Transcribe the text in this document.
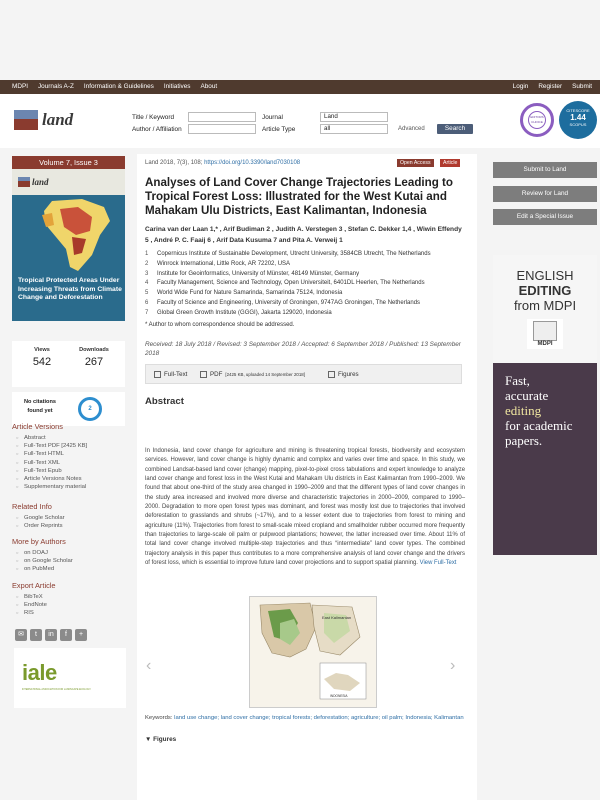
MDPI Journals A-Z Information & Guidelines Initiatives About	Login Register Submit
land	Title / Keyword
Author / Affiliation
Journal	Land
Article Type	all	Advanced	Search
EDITORS CHOICE
CITESCORE
1.44
SCOPUS
Volume 7, Issue 3
land
Tropical Protected Areas Under Increasing Threats from Climate Change and Deforestation
Views
542
Downloads
267
No citations found yet	2
Article Versions
○ Abstract
○ Full-Text PDF [2425 KB]
○ Full-Text HTML
○ Full-Text XML
○ Full-Text Epub
○ Article Versions Notes
○ Supplementary material
Related Info
○ Google Scholar
○ Order Reprints
More by Authors
○ on DOAJ
○ on Google Scholar
○ on PubMed
Export Article
○ BibTeX
○ EndNote
○ RIS
✉	t	in	f	+
iale
INTERNATIONAL ASSOCIATION FOR LANDSCAPE ECOLOGY
Land 2018, 7(3), 108; https://doi.org/10.3390/land7030108	Open Access	Article
Analyses of Land Cover Change Trajectories Leading to Tropical Forest Loss: Illustrated for the West Kutai and Mahakam Ulu Districts, East Kalimantan, Indonesia
Carina van der Laan 1,* , Arif Budiman 2 , Judith A. Verstegen 3 , Stefan C. Dekker 1,4 , Wiwin Effendy 5 , André P. C. Faaij 6 , Arif Data Kusuma 7 and Pita A. Verweij 1
1	Copernicus Institute of Sustainable Development, Utrecht University, 3584CB Utrecht, The Netherlands
2	Winrock International, Little Rock, AR 72202, USA
3	Institute for Geoinformatics, University of Münster, 48149 Münster, Germany
4	Faculty Management, Science and Technology, Open Universiteit, 6401DL Heerlen, The Netherlands
5	World Wide Fund for Nature Samarinda, Samarinda 75124, Indonesia
6	Faculty of Science and Engineering, University of Groningen, 9747AG Groningen, The Netherlands
7	Global Green Growth Institute (GGGI), Jakarta 129020, Indonesia
* Author to whom correspondence should be addressed.
Received: 18 July 2018 / Revised: 3 September 2018 / Accepted: 6 September 2018 / Published: 13 September 2018
Full-Text	PDF [2425 KB, uploaded 14 September 2018]	Figures
Abstract
In Indonesia, land cover change for agriculture and mining is threatening tropical forests, biodiversity and ecosystem services. However, land cover change is highly dynamic and complex and varies over time and space. In this study, we combined Landsat-based land cover (change) mapping, pixel-to-pixel cross tabulations and expert knowledge to analyze land cover change and forest loss in the West Kutai and Mahakam Ulu districts in East Kalimantan from 1990–2009. We found that about one-third of the study area changed in 1990–2009 and that the different types of land cover changes in the study area increased and involved more diverse and characteristic trajectories in 2000–2009, compared to 1990–2000. Degradation to more open forest types was dominant, and forest was mostly lost due to trajectories that involved deforestation to grasslands and shrubs (~17%), and to a lesser extent due to trajectories from forest to mining and agriculture (11%). Trajectories from forest to small-scale mixed cropland and smallholder rubber occurred more frequently than trajectories to large-scale oil palm or pulpwood plantations; however, the latter increased over time. About 11% of total land cover change involved multiple-step trajectories and thus “intermediate” land cover types. The combined trajectory analysis in this paper thus contributes to a more comprehensive analysis of land cover change and the drivers of forest loss, which is essential to improve future land cover projections and to support spatial planning. View Full-Text
Keywords: land use change; land cover change; tropical forests; deforestation; agriculture; oil palm; Indonesia; Kalimantan
▼ Figures
‹	›
East Kalimantan
INDONESIA
Submit to Land
Review for Land
Edit a Special Issue
ENGLISH
EDITING
from MDPI
MDPI
Fast,
accurate
editing
for academic
papers.
